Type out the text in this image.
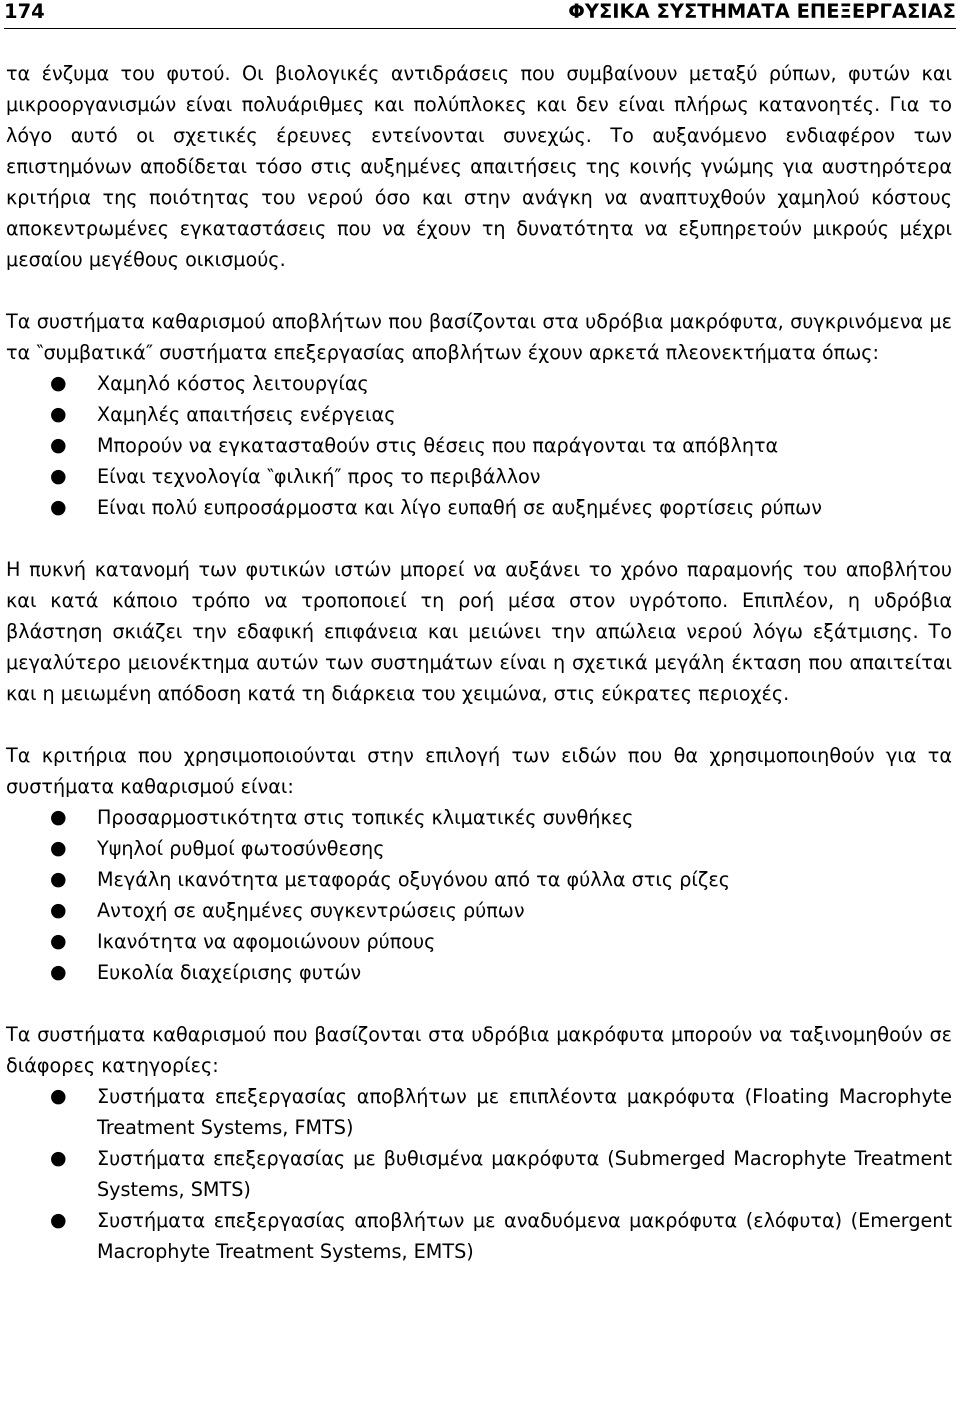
174	ΦΥΣΙΚΑ ΣΥΣΤΗΜΑΤΑ ΕΠΕΞΕΡΓΑΣΙΑΣ

τα ένζυμα του φυτού. Οι βιολογικές αντιδράσεις που συμβαίνουν μεταξύ ρύπων, φυτών και μικροοργανισμών είναι πολυάριθμες και πολύπλοκες και δεν είναι πλήρως κατανοητές. Για το λόγο αυτό οι σχετικές έρευνες εντείνονται συνεχώς. Το αυξανόμενο ενδιαφέρον των επιστημόνων αποδίδεται τόσο στις αυξημένες απαιτήσεις της κοινής γνώμης για αυστηρότερα κριτήρια της ποιότητας του νερού όσο και στην ανάγκη να αναπτυχθούν χαμηλού κόστους αποκεντρωμένες εγκαταστάσεις που να έχουν τη δυνατότητα να εξυπηρετούν μικρούς μέχρι μεσαίου μεγέθους οικισμούς.

Τα συστήματα καθαρισμού αποβλήτων που βασίζονται στα υδρόβια μακρόφυτα, συγκρινόμενα με τα ‶συμβατικά″ συστήματα επεξεργασίας αποβλήτων έχουν αρκετά πλεονεκτήματα όπως:

● Χαμηλό κόστος λειτουργίας
● Χαμηλές απαιτήσεις ενέργειας
● Μπορούν να εγκατασταθούν στις θέσεις που παράγονται τα απόβλητα
● Είναι τεχνολογία ‶φιλική″ προς το περιβάλλον
● Είναι πολύ ευπροσάρμοστα και λίγο ευπαθή σε αυξημένες φορτίσεις ρύπων

Η πυκνή κατανομή των φυτικών ιστών μπορεί να αυξάνει το χρόνο παραμονής του αποβλήτου και κατά κάποιο τρόπο να τροποποιεί τη ροή μέσα στον υγρότοπο. Επιπλέον, η υδρόβια βλάστηση σκιάζει την εδαφική επιφάνεια και μειώνει την απώλεια νερού λόγω εξάτμισης. Το μεγαλύτερο μειονέκτημα αυτών των συστημάτων είναι η σχετικά μεγάλη έκταση που απαιτείται και η μειωμένη απόδοση κατά τη διάρκεια του χειμώνα, στις εύκρατες περιοχές.

Τα κριτήρια που χρησιμοποιούνται στην επιλογή των ειδών που θα χρησιμοποιηθούν για τα συστήματα καθαρισμού είναι:

● Προσαρμοστικότητα στις τοπικές κλιματικές συνθήκες
● Υψηλοί ρυθμοί φωτοσύνθεσης
● Μεγάλη ικανότητα μεταφοράς οξυγόνου από τα φύλλα στις ρίζες
● Αντοχή σε αυξημένες συγκεντρώσεις ρύπων
● Ικανότητα να αφομοιώνουν ρύπους
● Ευκολία διαχείρισης φυτών

Τα συστήματα καθαρισμού που βασίζονται στα υδρόβια μακρόφυτα μπορούν να ταξινομηθούν σε διάφορες κατηγορίες:

● Συστήματα επεξεργασίας αποβλήτων με επιπλέοντα μακρόφυτα (Floating Macrophyte Treatment Systems, FMTS)
● Συστήματα επεξεργασίας με βυθισμένα μακρόφυτα (Submerged Macrophyte Treatment Systems, SMTS)
● Συστήματα επεξεργασίας αποβλήτων με αναδυόμενα μακρόφυτα (ελόφυτα) (Emergent Macrophyte Treatment Systems, EMTS)
